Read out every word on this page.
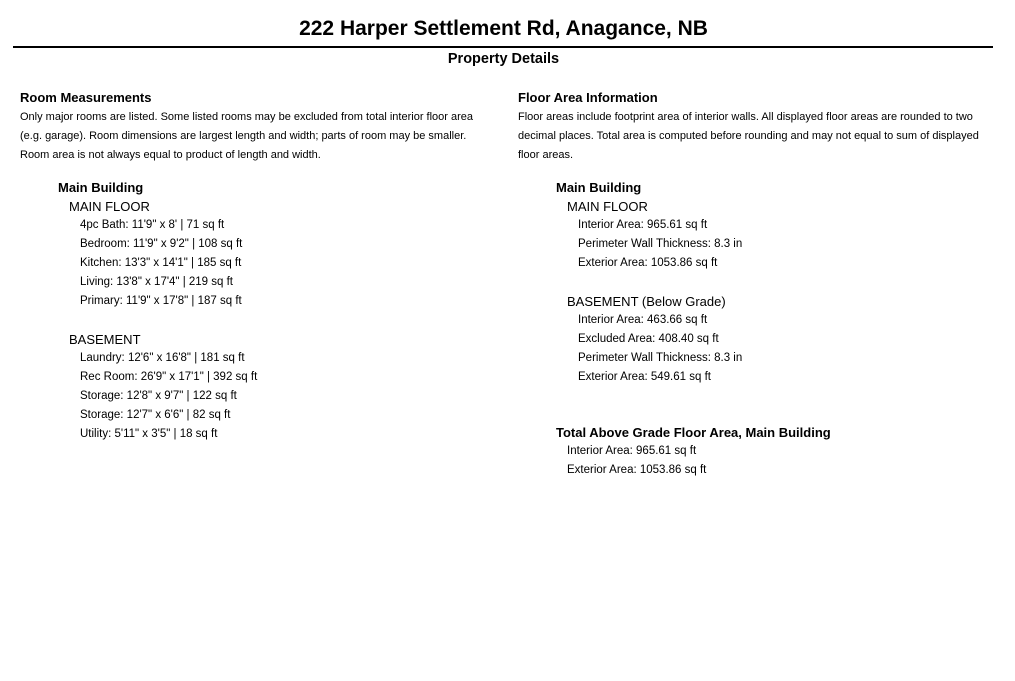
222 Harper Settlement Rd, Anagance, NB
Property Details
Room Measurements
Only major rooms are listed. Some listed rooms may be excluded from total interior floor area (e.g. garage). Room dimensions are largest length and width; parts of room may be smaller. Room area is not always equal to product of length and width.
Main Building
MAIN FLOOR
4pc Bath: 11'9" x 8' | 71 sq ft
Bedroom: 11'9" x 9'2" | 108 sq ft
Kitchen: 13'3" x 14'1" | 185 sq ft
Living: 13'8" x 17'4" | 219 sq ft
Primary: 11'9" x 17'8" | 187 sq ft
BASEMENT
Laundry: 12'6" x 16'8" | 181 sq ft
Rec Room: 26'9" x 17'1" | 392 sq ft
Storage: 12'8" x 9'7" | 122 sq ft
Storage: 12'7" x 6'6" | 82 sq ft
Utility: 5'11" x 3'5" | 18 sq ft
Floor Area Information
Floor areas include footprint area of interior walls. All displayed floor areas are rounded to two decimal places. Total area is computed before rounding and may not equal to sum of displayed floor areas.
Main Building
MAIN FLOOR
Interior Area: 965.61 sq ft
Perimeter Wall Thickness: 8.3 in
Exterior Area: 1053.86 sq ft
BASEMENT (Below Grade)
Interior Area: 463.66 sq ft
Excluded Area: 408.40 sq ft
Perimeter Wall Thickness: 8.3 in
Exterior Area: 549.61 sq ft
Total Above Grade Floor Area, Main Building
Interior Area: 965.61 sq ft
Exterior Area: 1053.86 sq ft
